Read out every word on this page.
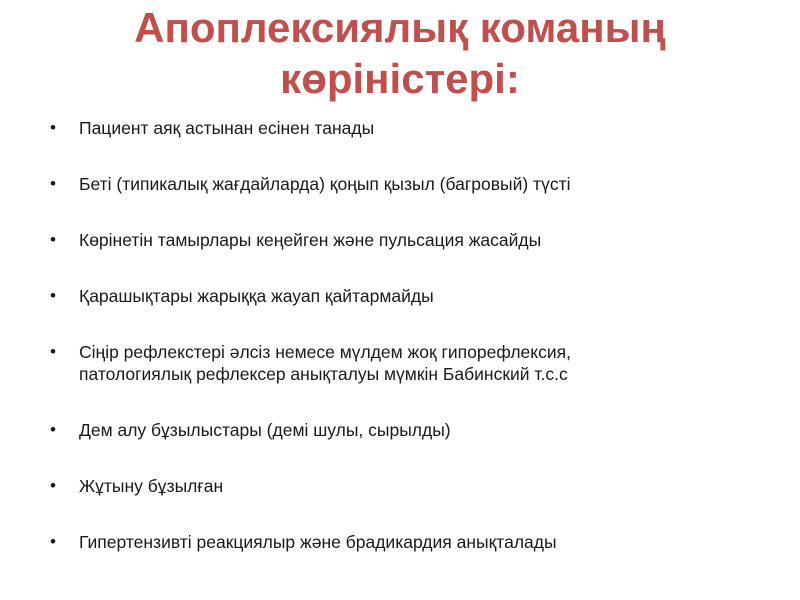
Апоплексиялық команың
көріністері:
• Пациент аяқ астынан есінен танады
• Беті (типикалық жағдайларда) қоңып қызыл (багровый) түсті
• Көрінетін тамырлары кеңейген және пульсация жасайды
• Қарашықтары жарыққа жауап қайтармайды
• Сіңір рефлекстері әлсіз немесе мүлдем жоқ гипорефлексия,
патологиялық рефлексер анықталуы мүмкін Бабинский т.с.с
• Дем алу бұзылыстары (демі шулы, сырылды)
• Жұтыну бұзылған
• Гипертензивті реакциялыр және брадикардия анықталады
